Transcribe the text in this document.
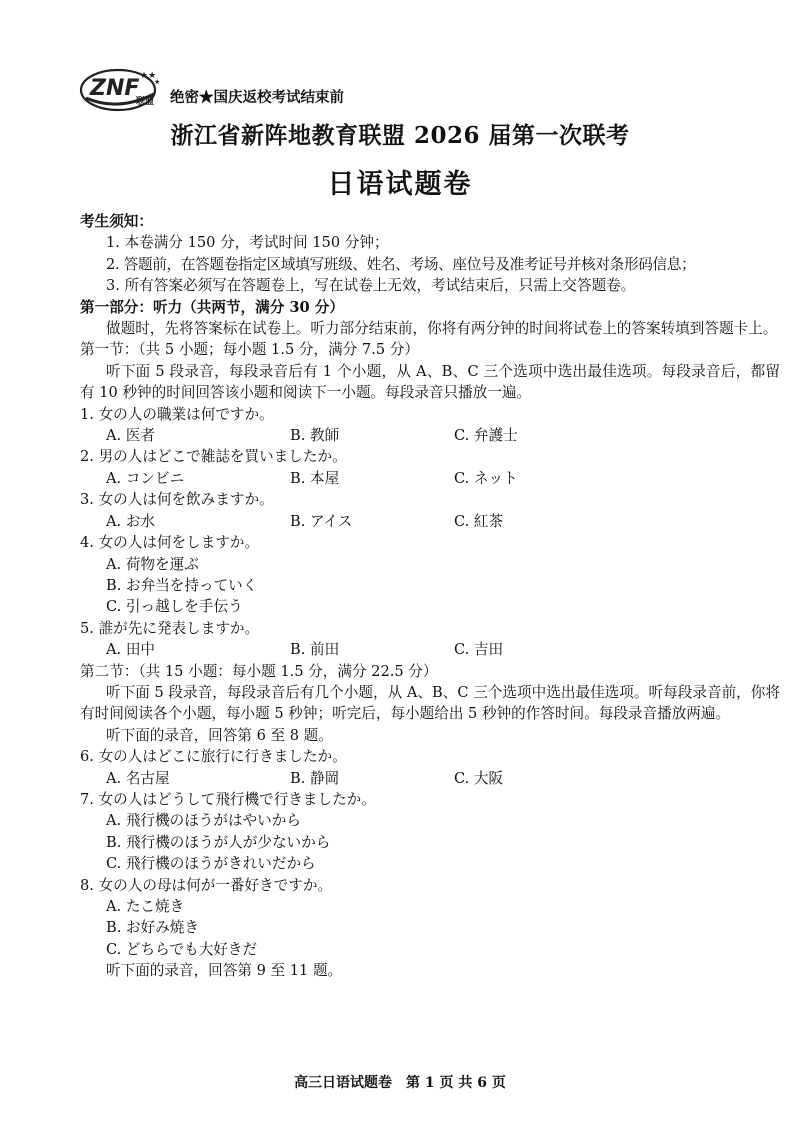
ZNF
联盟
★★
★
绝密★国庆返校考试结束前
浙江省新阵地教育联盟 2026 届第一次联考
日语试题卷
考生须知：
1. 本卷满分 150 分，考试时间 150 分钟；
2. 答题前，在答题卷指定区域填写班级、姓名、考场、座位号及准考证号并核对条形码信息；
3. 所有答案必须写在答题卷上，写在试卷上无效，考试结束后，只需上交答题卷。
第一部分：听力（共两节，满分 30 分）
做题时，先将答案标在试卷上。听力部分结束前，你将有两分钟的时间将试卷上的答案转填到答题卡上。
第一节：（共 5 小题；每小题 1.5 分，满分 7.5 分）
听下面 5 段录音，每段录音后有 1 个小题，从 A、B、C 三个选项中选出最佳选项。每段录音后，都留有 10 秒钟的时间回答该小题和阅读下一小题。每段录音只播放一遍。
1. 女の人の職業は何ですか。
A. 医者	B. 教師	C. 弁護士
2. 男の人はどこで雑誌を買いましたか。
A. コンビニ	B. 本屋	C. ネット
3. 女の人は何を飲みますか。
A. お水	B. アイス	C. 紅茶
4. 女の人は何をしますか。
A. 荷物を運ぶ
B. お弁当を持っていく
C. 引っ越しを手伝う
5. 誰が先に発表しますか。
A. 田中	B. 前田	C. 吉田
第二节：（共 15 小题：每小题 1.5 分，满分 22.5 分）
听下面 5 段录音，每段录音后有几个小题，从 A、B、C 三个选项中选出最佳选项。听每段录音前，你将有时间阅读各个小题，每小题 5 秒钟；听完后，每小题给出 5 秒钟的作答时间。每段录音播放两遍。
听下面的录音，回答第 6 至 8 题。
6. 女の人はどこに旅行に行きましたか。
A. 名古屋	B. 静岡	C. 大阪
7. 女の人はどうして飛行機で行きましたか。
A. 飛行機のほうがはやいから
B. 飛行機のほうが人が少ないから
C. 飛行機のほうがきれいだから
8. 女の人の母は何が一番好きですか。
A. たこ焼き
B. お好み焼き
C. どちらでも大好きだ
听下面的录音，回答第 9 至 11 题。
高三日语试题卷　第 1 页 共 6 页
